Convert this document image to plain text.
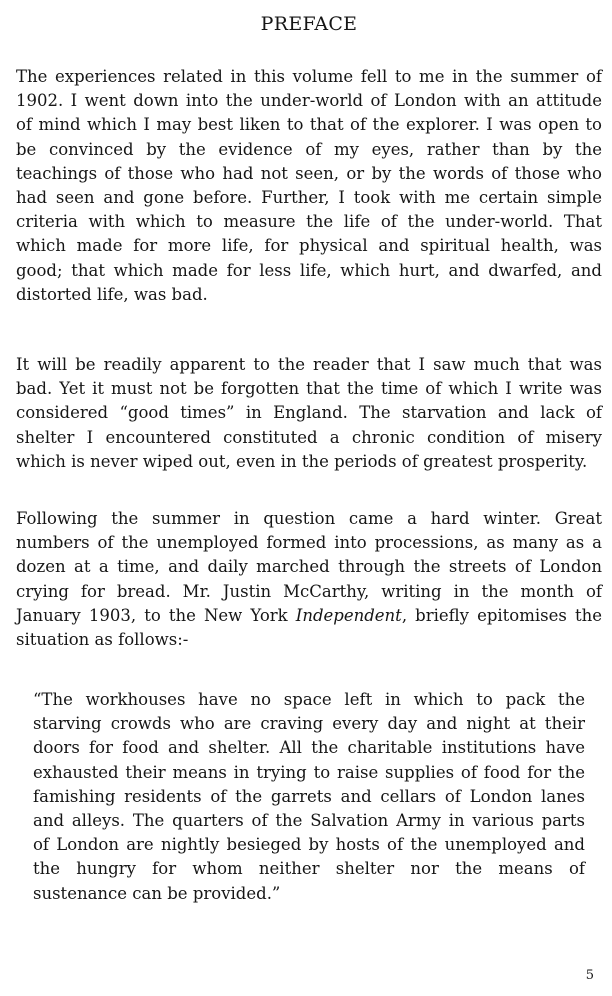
PREFACE

The experiences related in this volume fell to me in the summer of
1902. I went down into the under-world of London with an attitude
of mind which I may best liken to that of the explorer. I was open to
be convinced by the evidence of my eyes, rather than by the
teachings of those who had not seen, or by the words of those who
had seen and gone before. Further, I took with me certain simple
criteria with which to measure the life of the under-world. That
which made for more life, for physical and spiritual health, was
good; that which made for less life, which hurt, and dwarfed, and
distorted life, was bad.

It will be readily apparent to the reader that I saw much that was
bad. Yet it must not be forgotten that the time of which I write was
considered “good times” in England. The starvation and lack of
shelter I encountered constituted a chronic condition of misery
which is never wiped out, even in the periods of greatest prosperity.

Following the summer in question came a hard winter. Great
numbers of the unemployed formed into processions, as many as a
dozen at a time, and daily marched through the streets of London
crying for bread. Mr. Justin McCarthy, writing in the month of
January 1903, to the New York Independent, briefly epitomises the
situation as follows:-

“The workhouses have no space left in which to pack the
starving crowds who are craving every day and night at their
doors for food and shelter. All the charitable institutions have
exhausted their means in trying to raise supplies of food for the
famishing residents of the garrets and cellars of London lanes
and alleys. The quarters of the Salvation Army in various parts
of London are nightly besieged by hosts of the unemployed and
the hungry for whom neither shelter nor the means of
sustenance can be provided.”

5
